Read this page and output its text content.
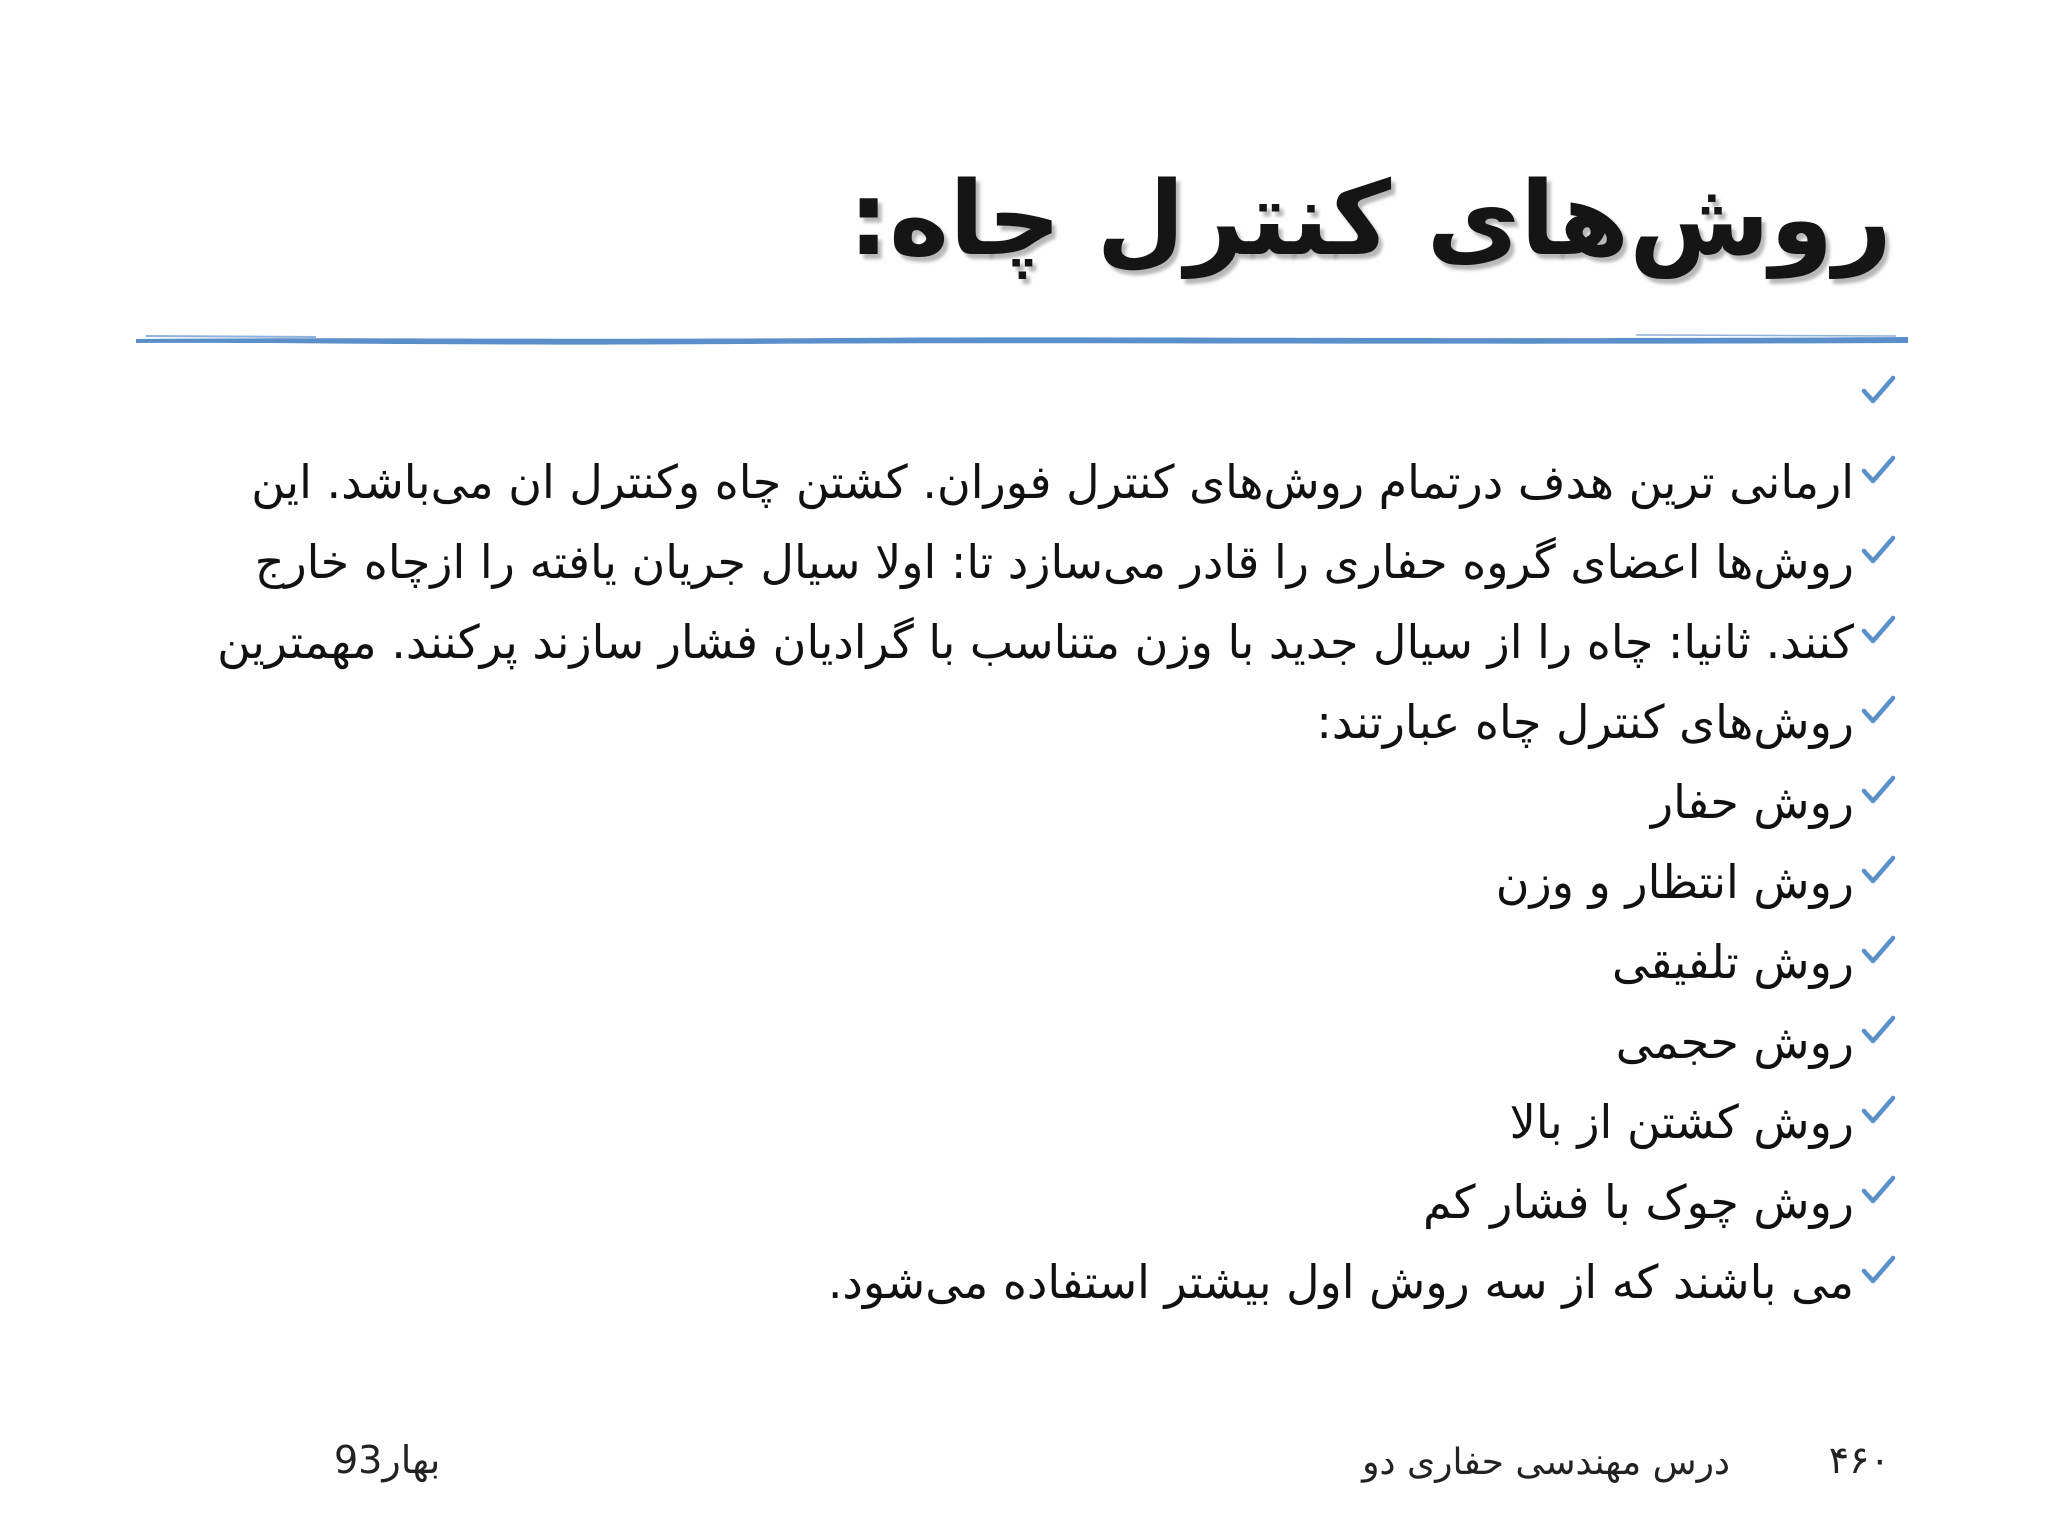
روش‌های کنترل چاه:
ارمانی ترین هدف درتمام روش‌های کنترل فوران. کشتن چاه وکنترل ان می‌باشد. این
روش‌ها اعضای گروه حفاری را قادر می‌سازد تا: اولا سیال جریان یافته را ازچاه خارج
کنند. ثانیا: چاه را از سیال جدید با وزن متناسب با گرادیان فشار سازند پرکنند. مهمترین
روش‌های کنترل چاه عبارتند:
روش حفار
روش انتظار و وزن
روش تلفیقی
روش حجمی
روش کشتن از بالا
روش چوک با فشار کم
می باشند که از سه روش اول بیشتر استفاده می‌شود.
۴۶۰
درس مهندسی حفاری دو
بهار93
